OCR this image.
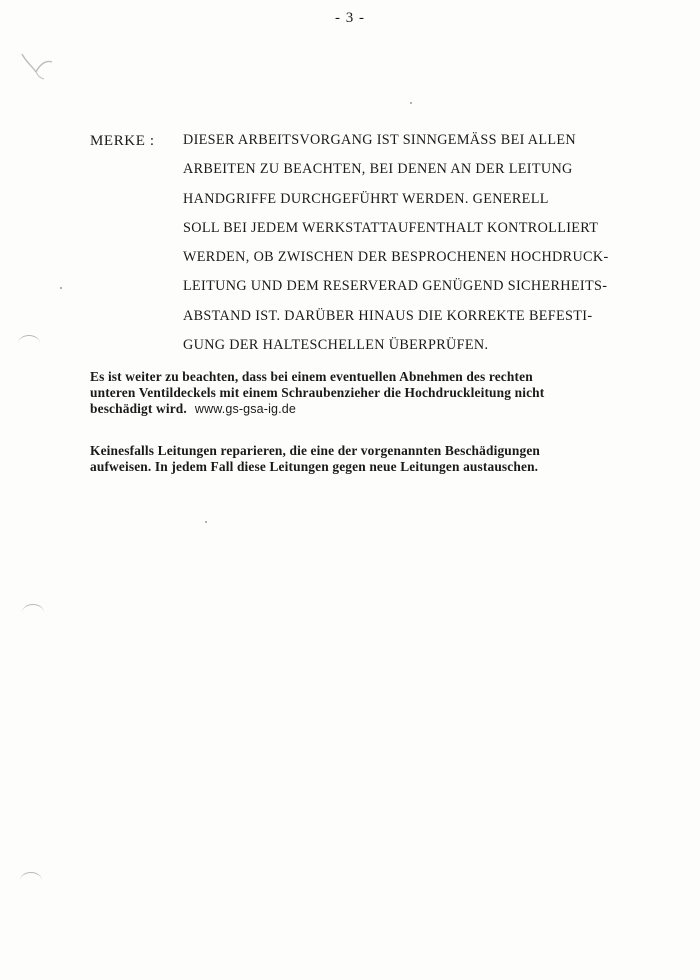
- 3 -
MERKE : DIESER ARBEITSVORGANG IST SINNGEMÄSS BEI ALLEN
ARBEITEN ZU BEACHTEN, BEI DENEN AN DER LEITUNG
HANDGRIFFE DURCHGEFÜHRT WERDEN. GENERELL
SOLL BEI JEDEM WERKSTATTAUFENTHALT KONTROLLIERT
WERDEN, OB ZWISCHEN DER BESPROCHENEN HOCHDRUCK-
LEITUNG UND DEM RESERVERAD GENÜGEND SICHERHEITS-
ABSTAND IST. DARÜBER HINAUS DIE KORREKTE BEFESTI-
GUNG DER HALTESCHELLEN ÜBERPRÜFEN.
Es ist weiter zu beachten, dass bei einem eventuellen Abnehmen des rechten
unteren Ventildeckels mit einem Schraubenzieher die Hochdruckleitung nicht
beschädigt wird. www.gs-gsa-ig.de
Keinesfalls Leitungen reparieren, die eine der vorgenannten Beschädigungen
aufweisen. In jedem Fall diese Leitungen gegen neue Leitungen austauschen.
